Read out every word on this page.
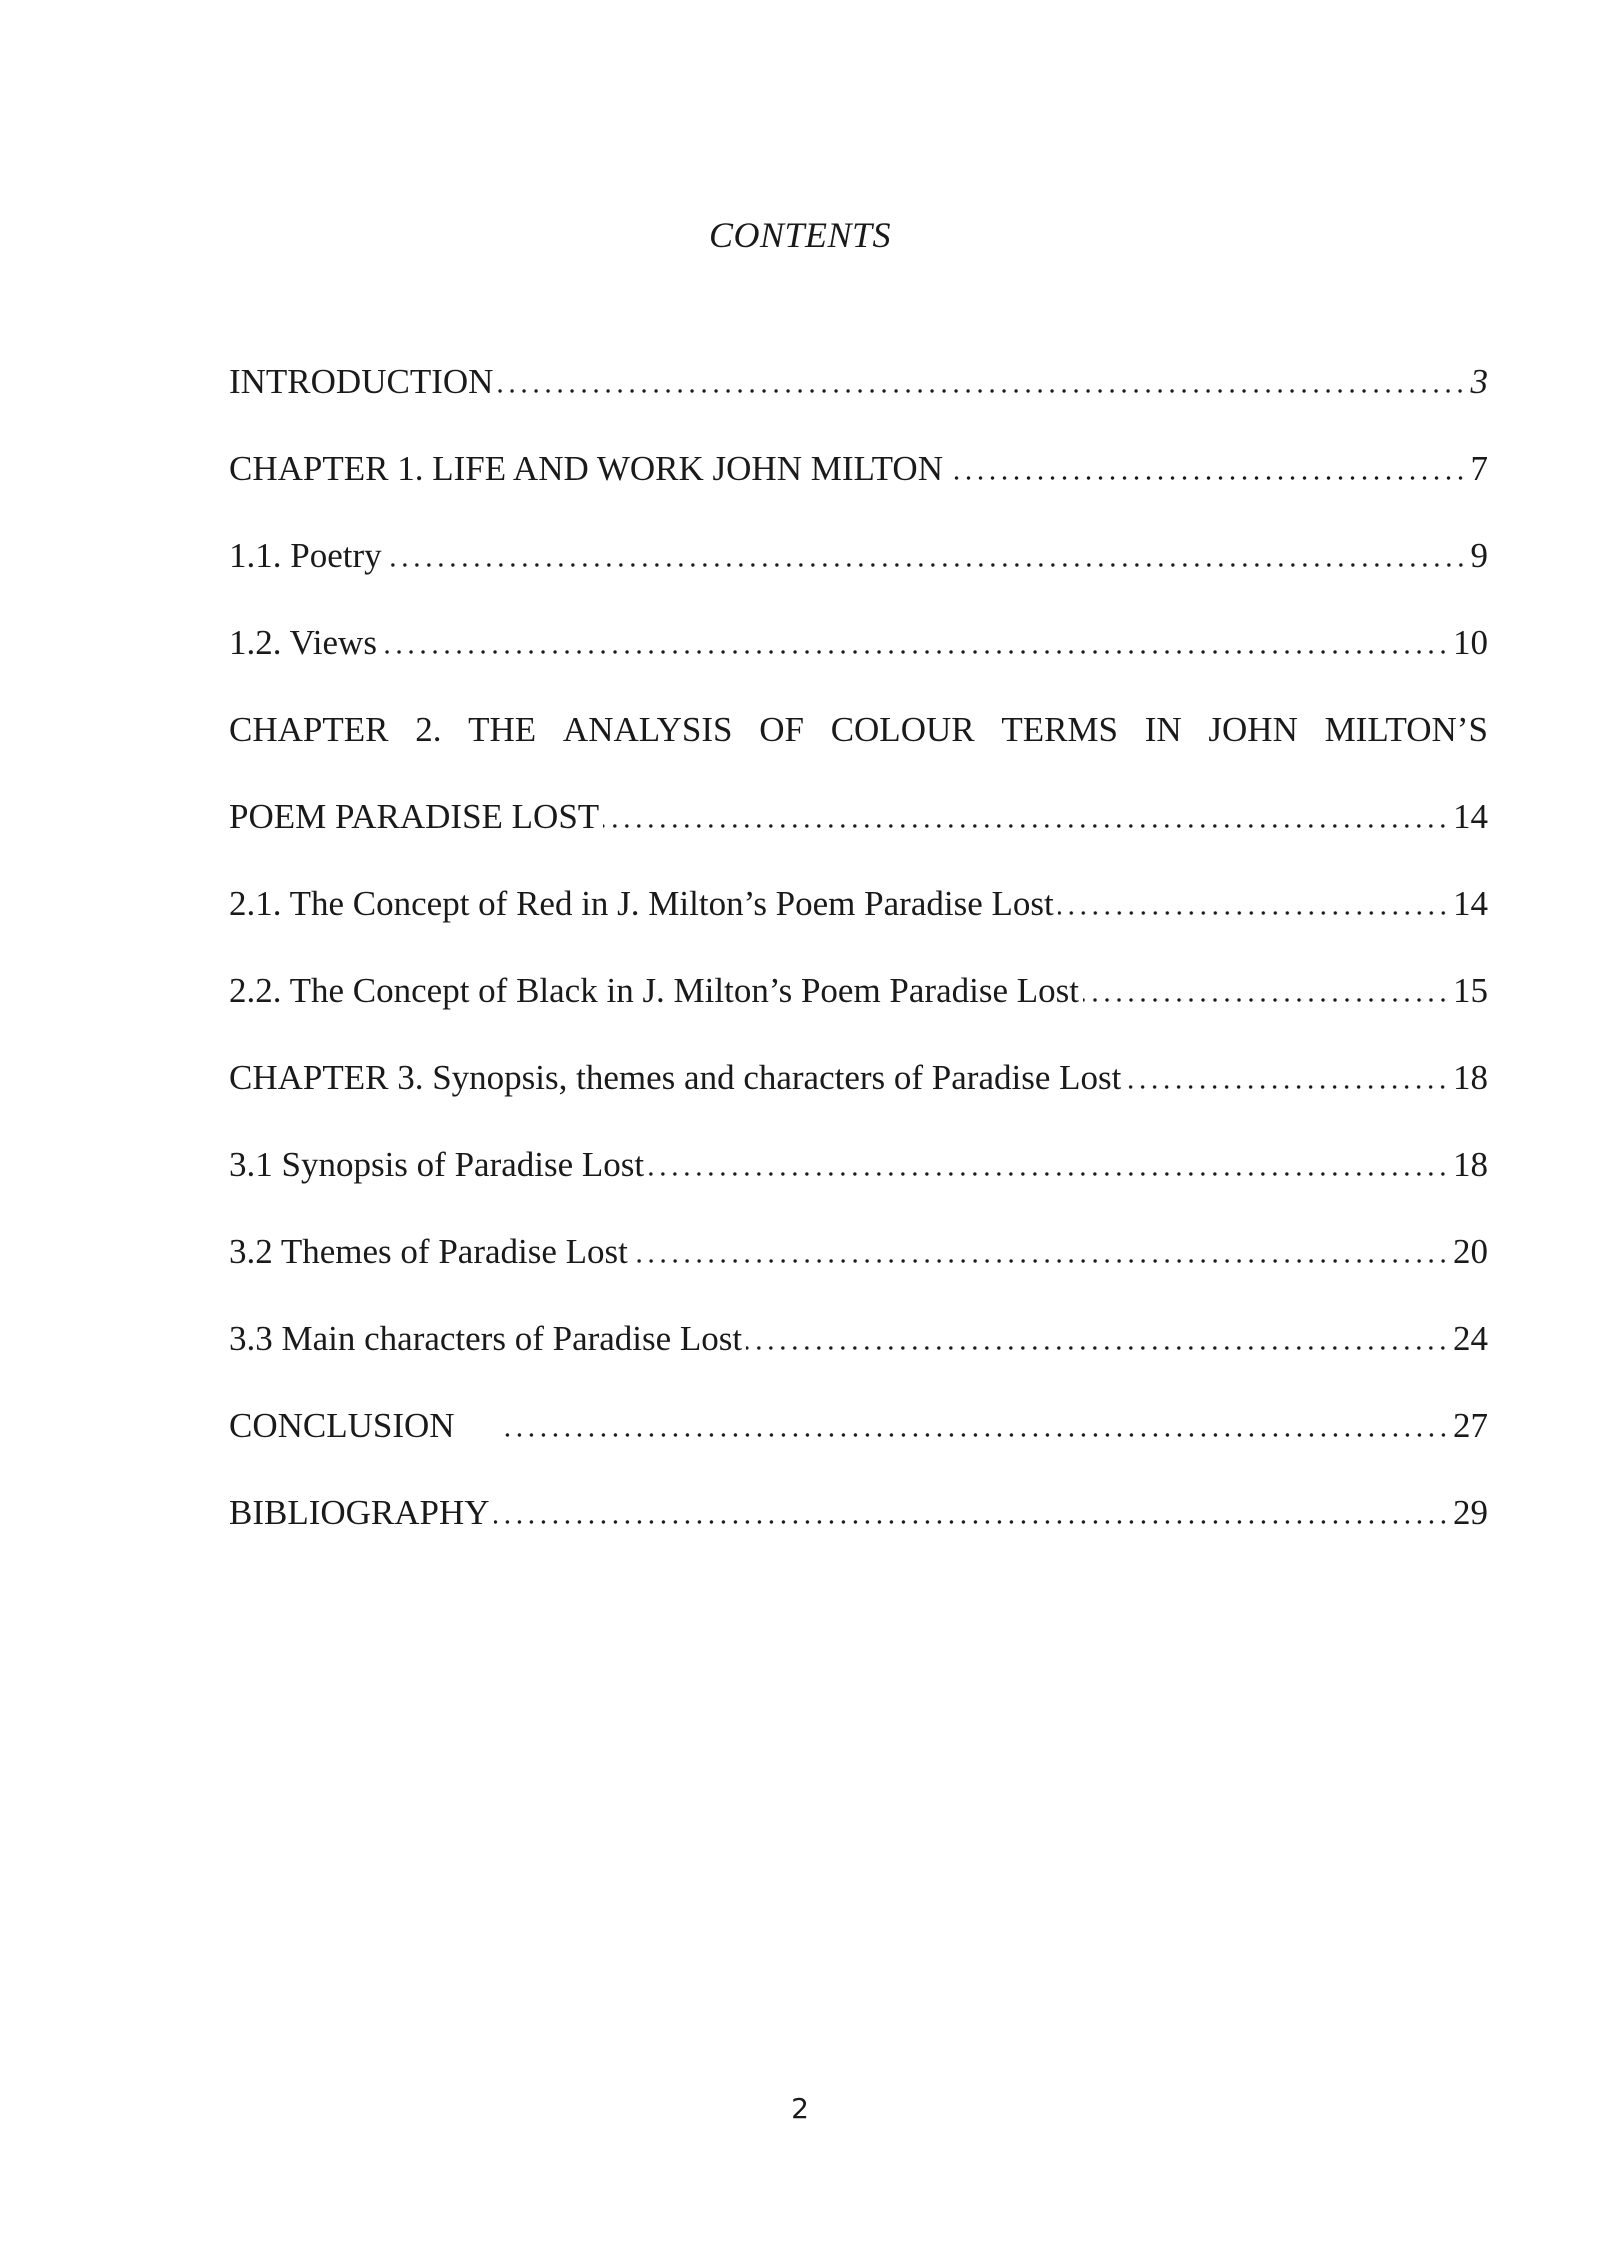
CONTENTS
INTRODUCTION	3
CHAPTER 1. LIFE AND WORK JOHN MILTON	7
1.1. Poetry	9
1.2. Views	10
CHAPTER 2. THE ANALYSIS OF COLOUR TERMS IN JOHN MILTON’S
POEM PARADISE LOST	14
2.1. The Concept of Red in J. Milton’s Poem Paradise Lost	14
2.2. The Concept of Black in J. Milton’s Poem Paradise Lost	15
CHAPTER 3. Synopsis, themes and characters of Paradise Lost	18
3.1 Synopsis of Paradise Lost	18
3.2 Themes of Paradise Lost	20
3.3 Main characters of Paradise Lost	24
CONCLUSION	27
BIBLIOGRAPHY	29
2
